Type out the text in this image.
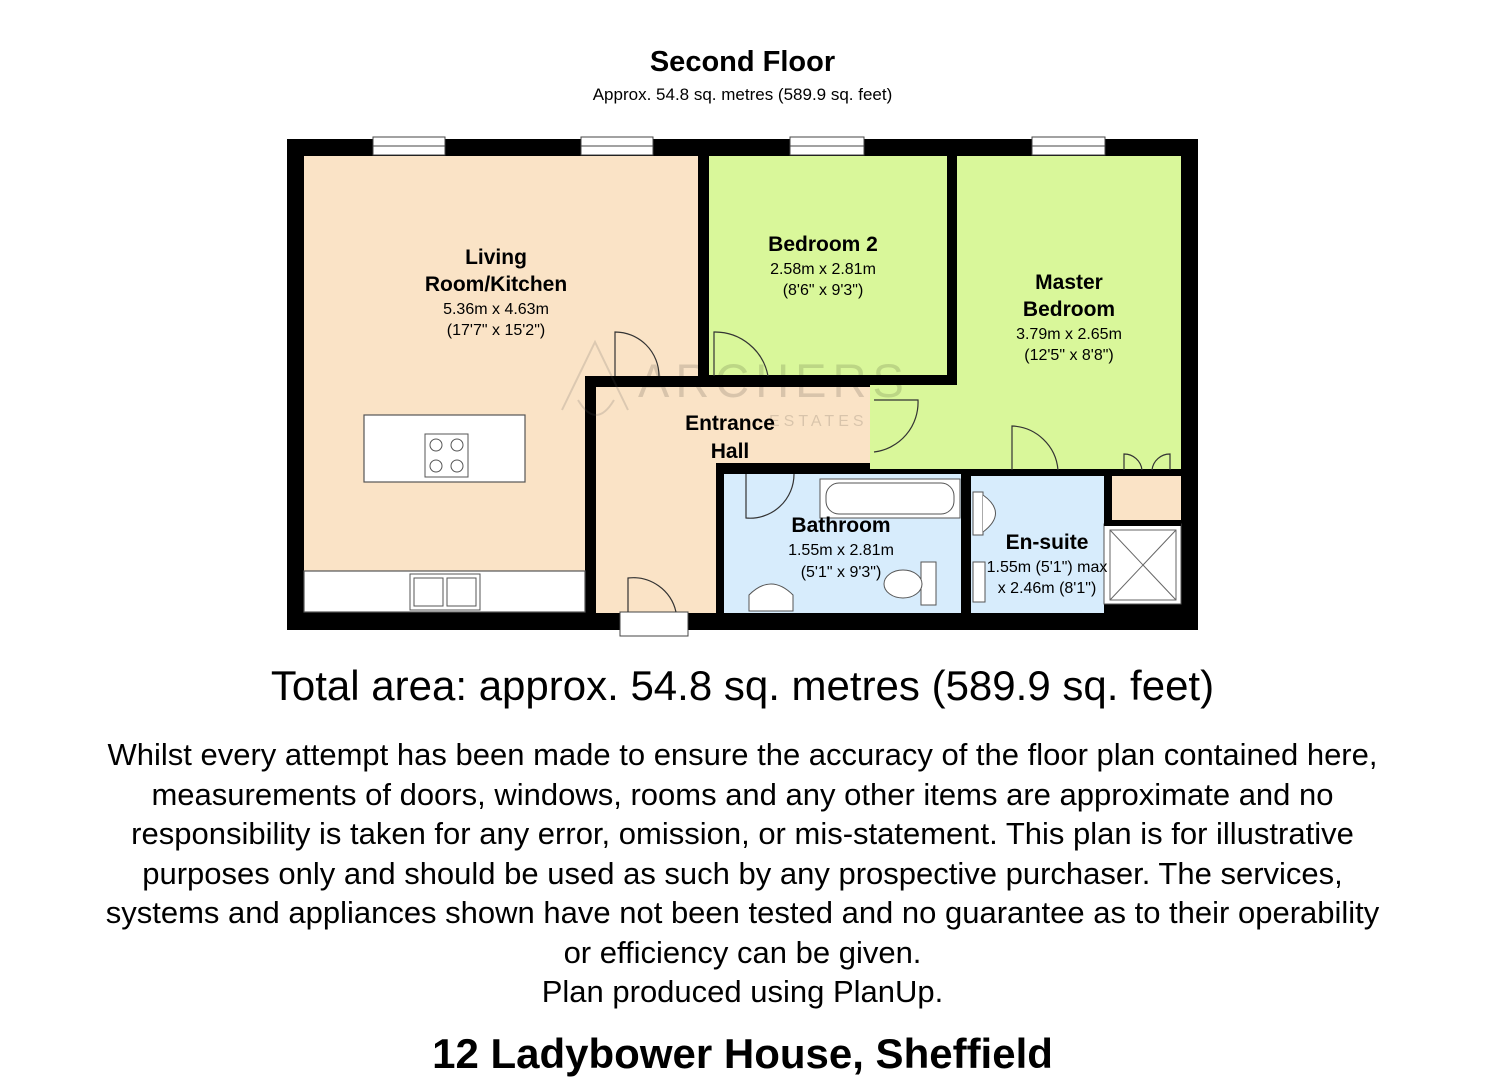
Second Floor
Approx. 54.8 sq. metres (589.9 sq. feet)
ARCHERS
ESTATES
Living
Room/Kitchen
5.36m x 4.63m
(17'7" x 15'2")
Bedroom 2
2.58m x 2.81m
(8'6" x 9'3")	Master
Bedroom
3.79m x 2.65m
(12'5" x 8'8")
Entrance
Hall
Bathroom
1.55m x 2.81m
(5'1" x 9'3")
En-suite
1.55m (5'1") max
x 2.46m (8'1")
Total area: approx. 54.8 sq. metres (589.9 sq. feet)
Whilst every attempt has been made to ensure the accuracy of the floor plan contained here,
measurements of doors, windows, rooms and any other items are approximate and no
responsibility is taken for any error, omission, or mis-statement. This plan is for illustrative
purposes only and should be used as such by any prospective purchaser. The services,
systems and appliances shown have not been tested and no guarantee as to their operability
or efficiency can be given.
Plan produced using PlanUp.
12 Ladybower House, Sheffield
